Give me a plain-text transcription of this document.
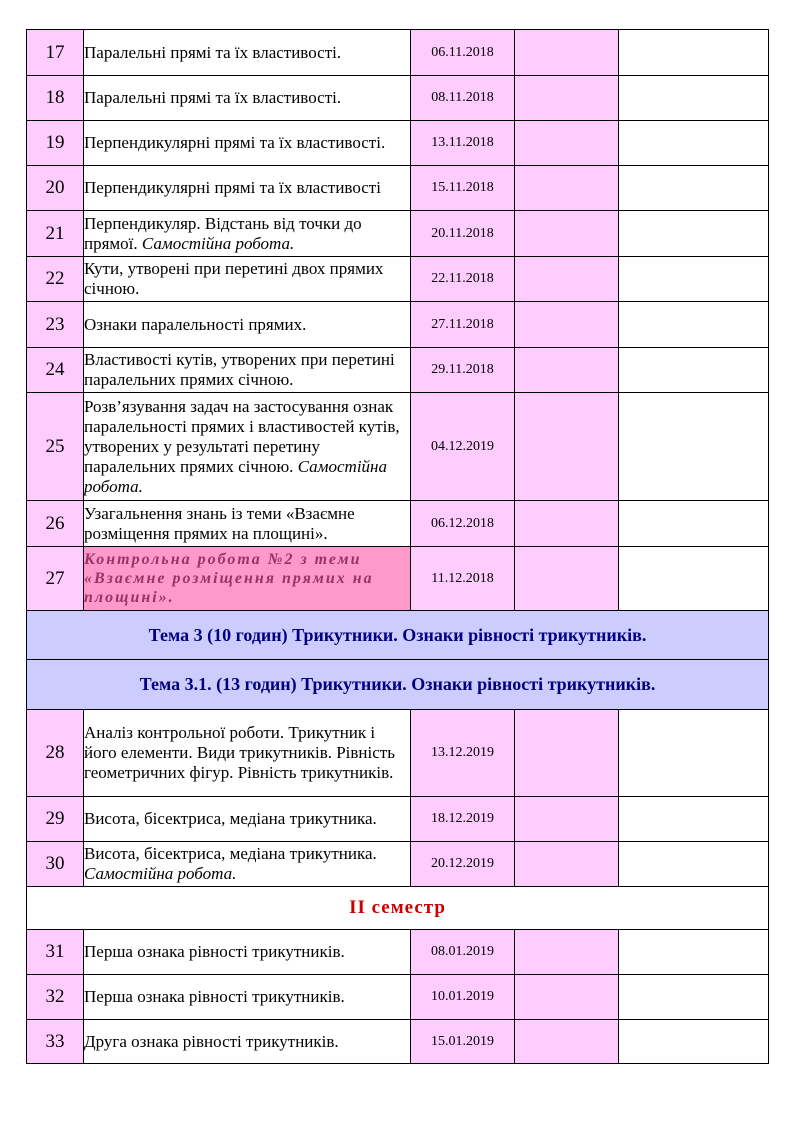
17	Паралельні прямі та їх властивості.	06.11.2018		
18	Паралельні прямі та їх властивості.	08.11.2018		
19	Перпендикулярні прямі та їх властивості.	13.11.2018		
20	Перпендикулярні прямі та їх властивості	15.11.2018		
21	Перпендикуляр. Відстань від точки до прямої. Самостійна робота.	20.11.2018		
22	Кути, утворені при перетині двох прямих січною.	22.11.2018		
23	Ознаки паралельності прямих.	27.11.2018		
24	Властивості кутів, утворених при перетині паралельних прямих січною.	29.11.2018		
25	Розв’язування задач на застосування ознак паралельності прямих і властивостей кутів, утворених у результаті перетину паралельних прямих січною. Самостійна робота.	04.12.2019		
26	Узагальнення знань із теми «Взаємне розміщення прямих на площині».	06.12.2018		
27	Контрольна робота №2 з теми «Взаємне розміщення прямих на площині».	11.12.2018		
Тема 3 (10 годин) Трикутники. Ознаки рівності трикутників.				
Тема 3.1. (13 годин) Трикутники. Ознаки рівності трикутників.				
28	Аналіз контрольної роботи. Трикутник і його елементи. Види трикутників. Рівність геометричних фігур. Рівність трикутників.	13.12.2019		
29	Висота, бісектриса, медіана трикутника.	18.12.2019		
30	Висота, бісектриса, медіана трикутника. Самостійна робота.	20.12.2019		
ІІ семестр				
31	Перша ознака рівності трикутників.	08.01.2019		
32	Перша ознака рівності трикутників.	10.01.2019		
33	Друга ознака рівності трикутників.	15.01.2019		
